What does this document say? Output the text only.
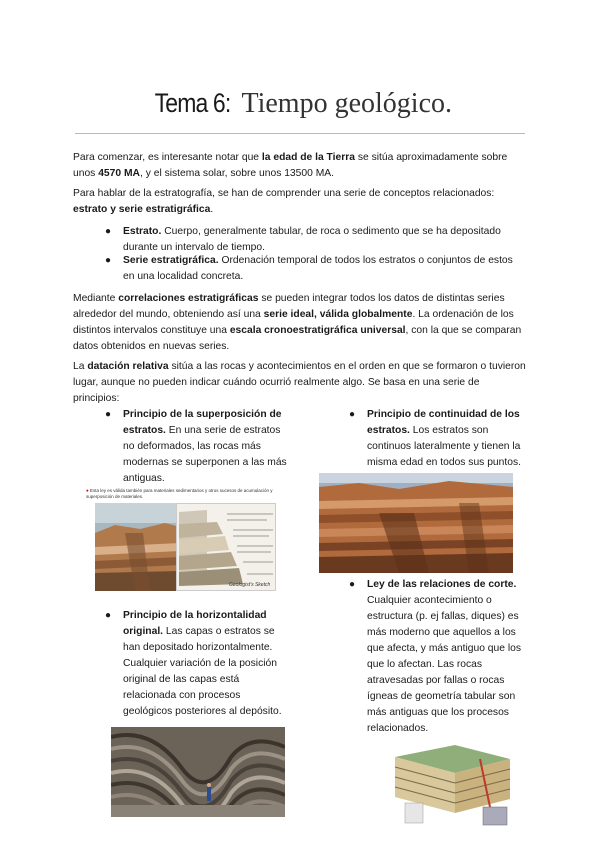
Tema 6: Tiempo geológico.

Para comenzar, es interesante notar que la edad de la Tierra se sitúa aproximadamente sobre unos 4570 MA, y el sistema solar, sobre unos 13500 MA.

Para hablar de la estratografía, se han de comprender una serie de conceptos relacionados: estrato y serie estratigráfica.

● Estrato. Cuerpo, generalmente tabular, de roca o sedimento que se ha depositado durante un intervalo de tiempo.
● Serie estratigráfica. Ordenación temporal de todos los estratos o conjuntos de estos en una localidad concreta.

Mediante correlaciones estratigráficas se pueden integrar todos los datos de distintas series alrededor del mundo, obteniendo así una serie ideal, válida globalmente. La ordenación de los distintos intervalos constituye una escala cronoestratigráfica universal, con la que se comparan datos obtenidos en nuevas series.

La datación relativa sitúa a las rocas y acontecimientos en el orden en que se formaron o tuvieron lugar, aunque no pueden indicar cuándo ocurrió realmente algo. Se basa en una serie de principios:

● Principio de la superposición de estratos. En una serie de estratos no deformados, las rocas más modernas se superponen a las más antiguas.
● Esta ley es válida también para materiales sedimentarios y otros sucesos de acumulación y superposición de materiales.
Geologist's Sketch
● Principio de la horizontalidad original. Las capas o estratos se han depositado horizontalmente. Cualquier variación de la posición original de las capas está relacionada con procesos geológicos posteriores al depósito.
● Principio de continuidad de los estratos. Los estratos son continuos lateralmente y tienen la misma edad en todos sus puntos.
● Ley de las relaciones de corte. Cualquier acontecimiento o estructura (p. ej fallas, diques) es más moderno que aquellos a los que afecta, y más antiguo que los que lo afectan. Las rocas atravesadas por fallas o rocas ígneas de geometría tabular son más antiguas que los procesos relacionados.
